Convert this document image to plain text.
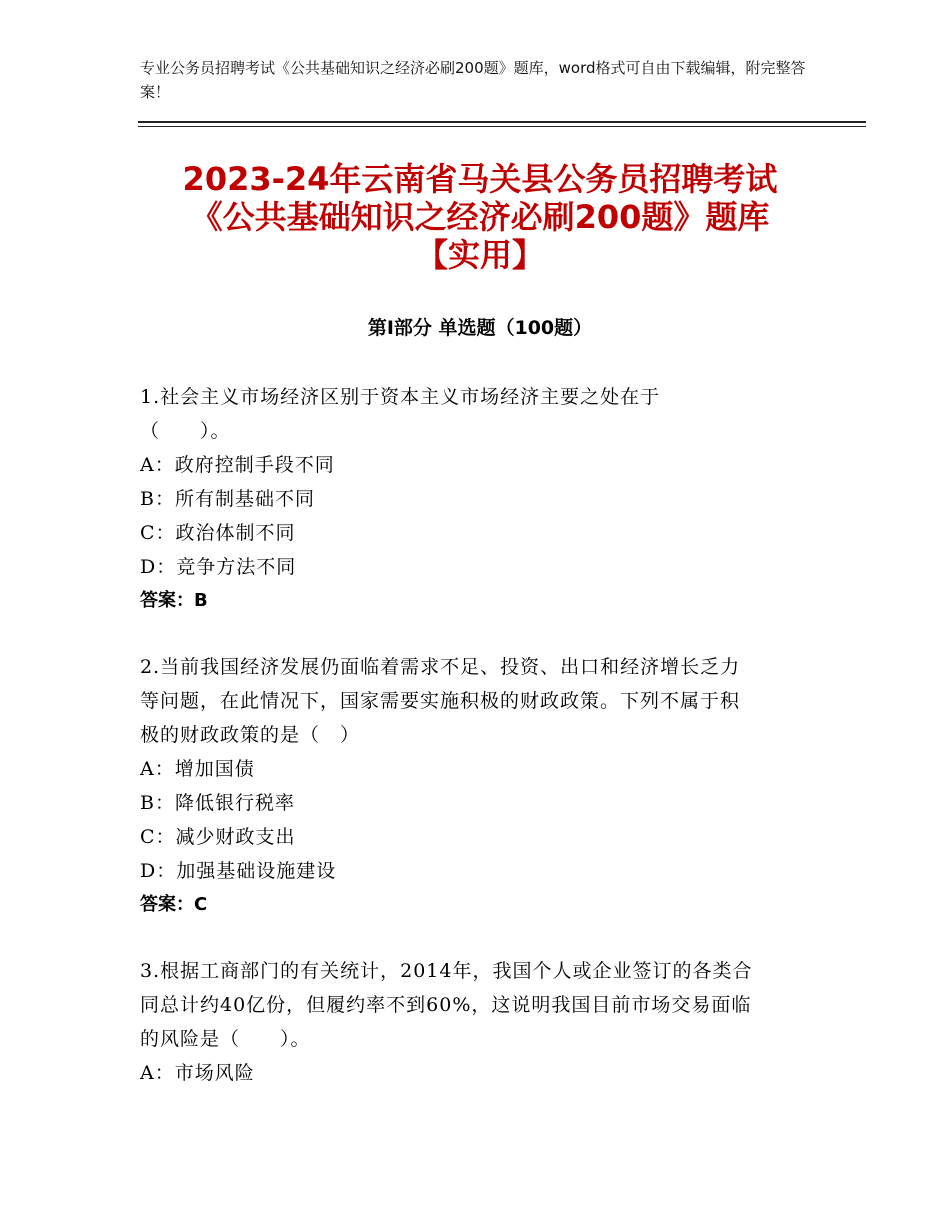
专业公务员招聘考试《公共基础知识之经济必刷200题》题库，word格式可自由下载编辑，附完整答案！
2023-24年云南省马关县公务员招聘考试
《公共基础知识之经济必刷200题》题库
【实用】
第Ⅰ部分 单选题（100题）
1.社会主义市场经济区别于资本主义市场经济主要之处在于
（　　）。
A：政府控制手段不同
B：所有制基础不同
C：政治体制不同
D：竞争方法不同
答案：B
2.当前我国经济发展仍面临着需求不足、投资、出口和经济增长乏力
等问题，在此情况下，国家需要实施积极的财政政策。下列不属于积
极的财政政策的是（　）
A：增加国债
B：降低银行税率
C：减少财政支出
D：加强基础设施建设
答案：C
3.根据工商部门的有关统计，2014年，我国个人或企业签订的各类合
同总计约40亿份，但履约率不到60%，这说明我国目前市场交易面临
的风险是（　　）。
A：市场风险
